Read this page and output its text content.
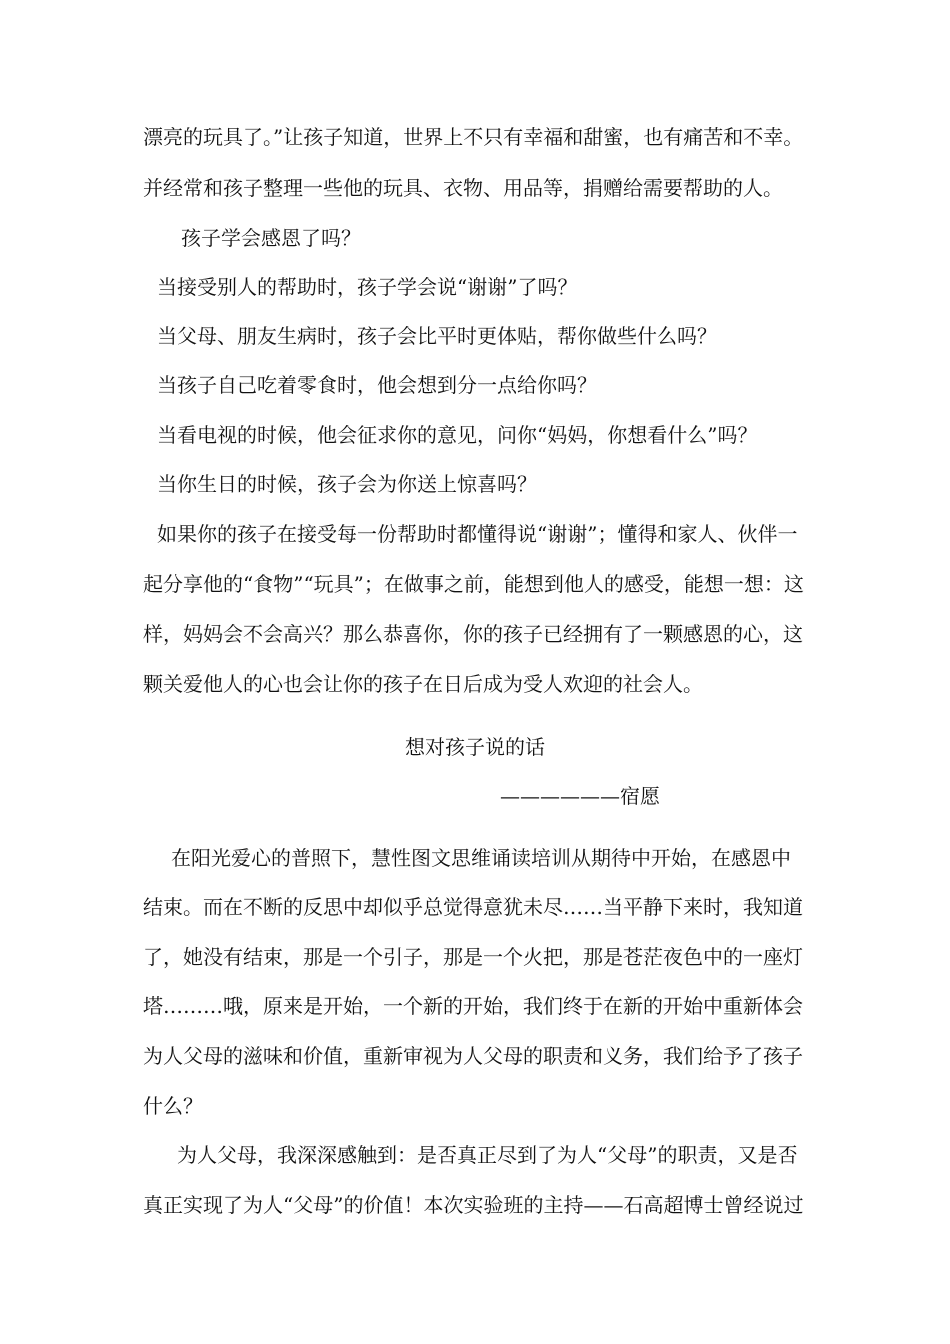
漂亮的玩具了。”让孩子知道，世界上不只有幸福和甜蜜，也有痛苦和不幸。
并经常和孩子整理一些他的玩具、衣物、用品等，捐赠给需要帮助的人。
孩子学会感恩了吗？
当接受别人的帮助时，孩子学会说“谢谢”了吗？
当父母、朋友生病时，孩子会比平时更体贴，帮你做些什么吗？
当孩子自己吃着零食时，他会想到分一点给你吗？
当看电视的时候，他会征求你的意见，问你“妈妈，你想看什么”吗？
当你生日的时候，孩子会为你送上惊喜吗？
如果你的孩子在接受每一份帮助时都懂得说“谢谢”；懂得和家人、伙伴一
起分享他的“食物”“玩具”；在做事之前，能想到他人的感受，能想一想：这
样，妈妈会不会高兴？那么恭喜你，你的孩子已经拥有了一颗感恩的心，这
颗关爱他人的心也会让你的孩子在日后成为受人欢迎的社会人。
想对孩子说的话
——————宿愿
在阳光爱心的普照下，慧性图文思维诵读培训从期待中开始，在感恩中
结束。而在不断的反思中却似乎总觉得意犹未尽……当平静下来时，我知道
了，她没有结束，那是一个引子，那是一个火把，那是苍茫夜色中的一座灯
塔………哦，原来是开始，一个新的开始，我们终于在新的开始中重新体会
为人父母的滋味和价值，重新审视为人父母的职责和义务，我们给予了孩子
什么？
为人父母，我深深感触到：是否真正尽到了为人“父母”的职责，又是否
真正实现了为人“父母”的价值！本次实验班的主持——石高超博士曾经说过
